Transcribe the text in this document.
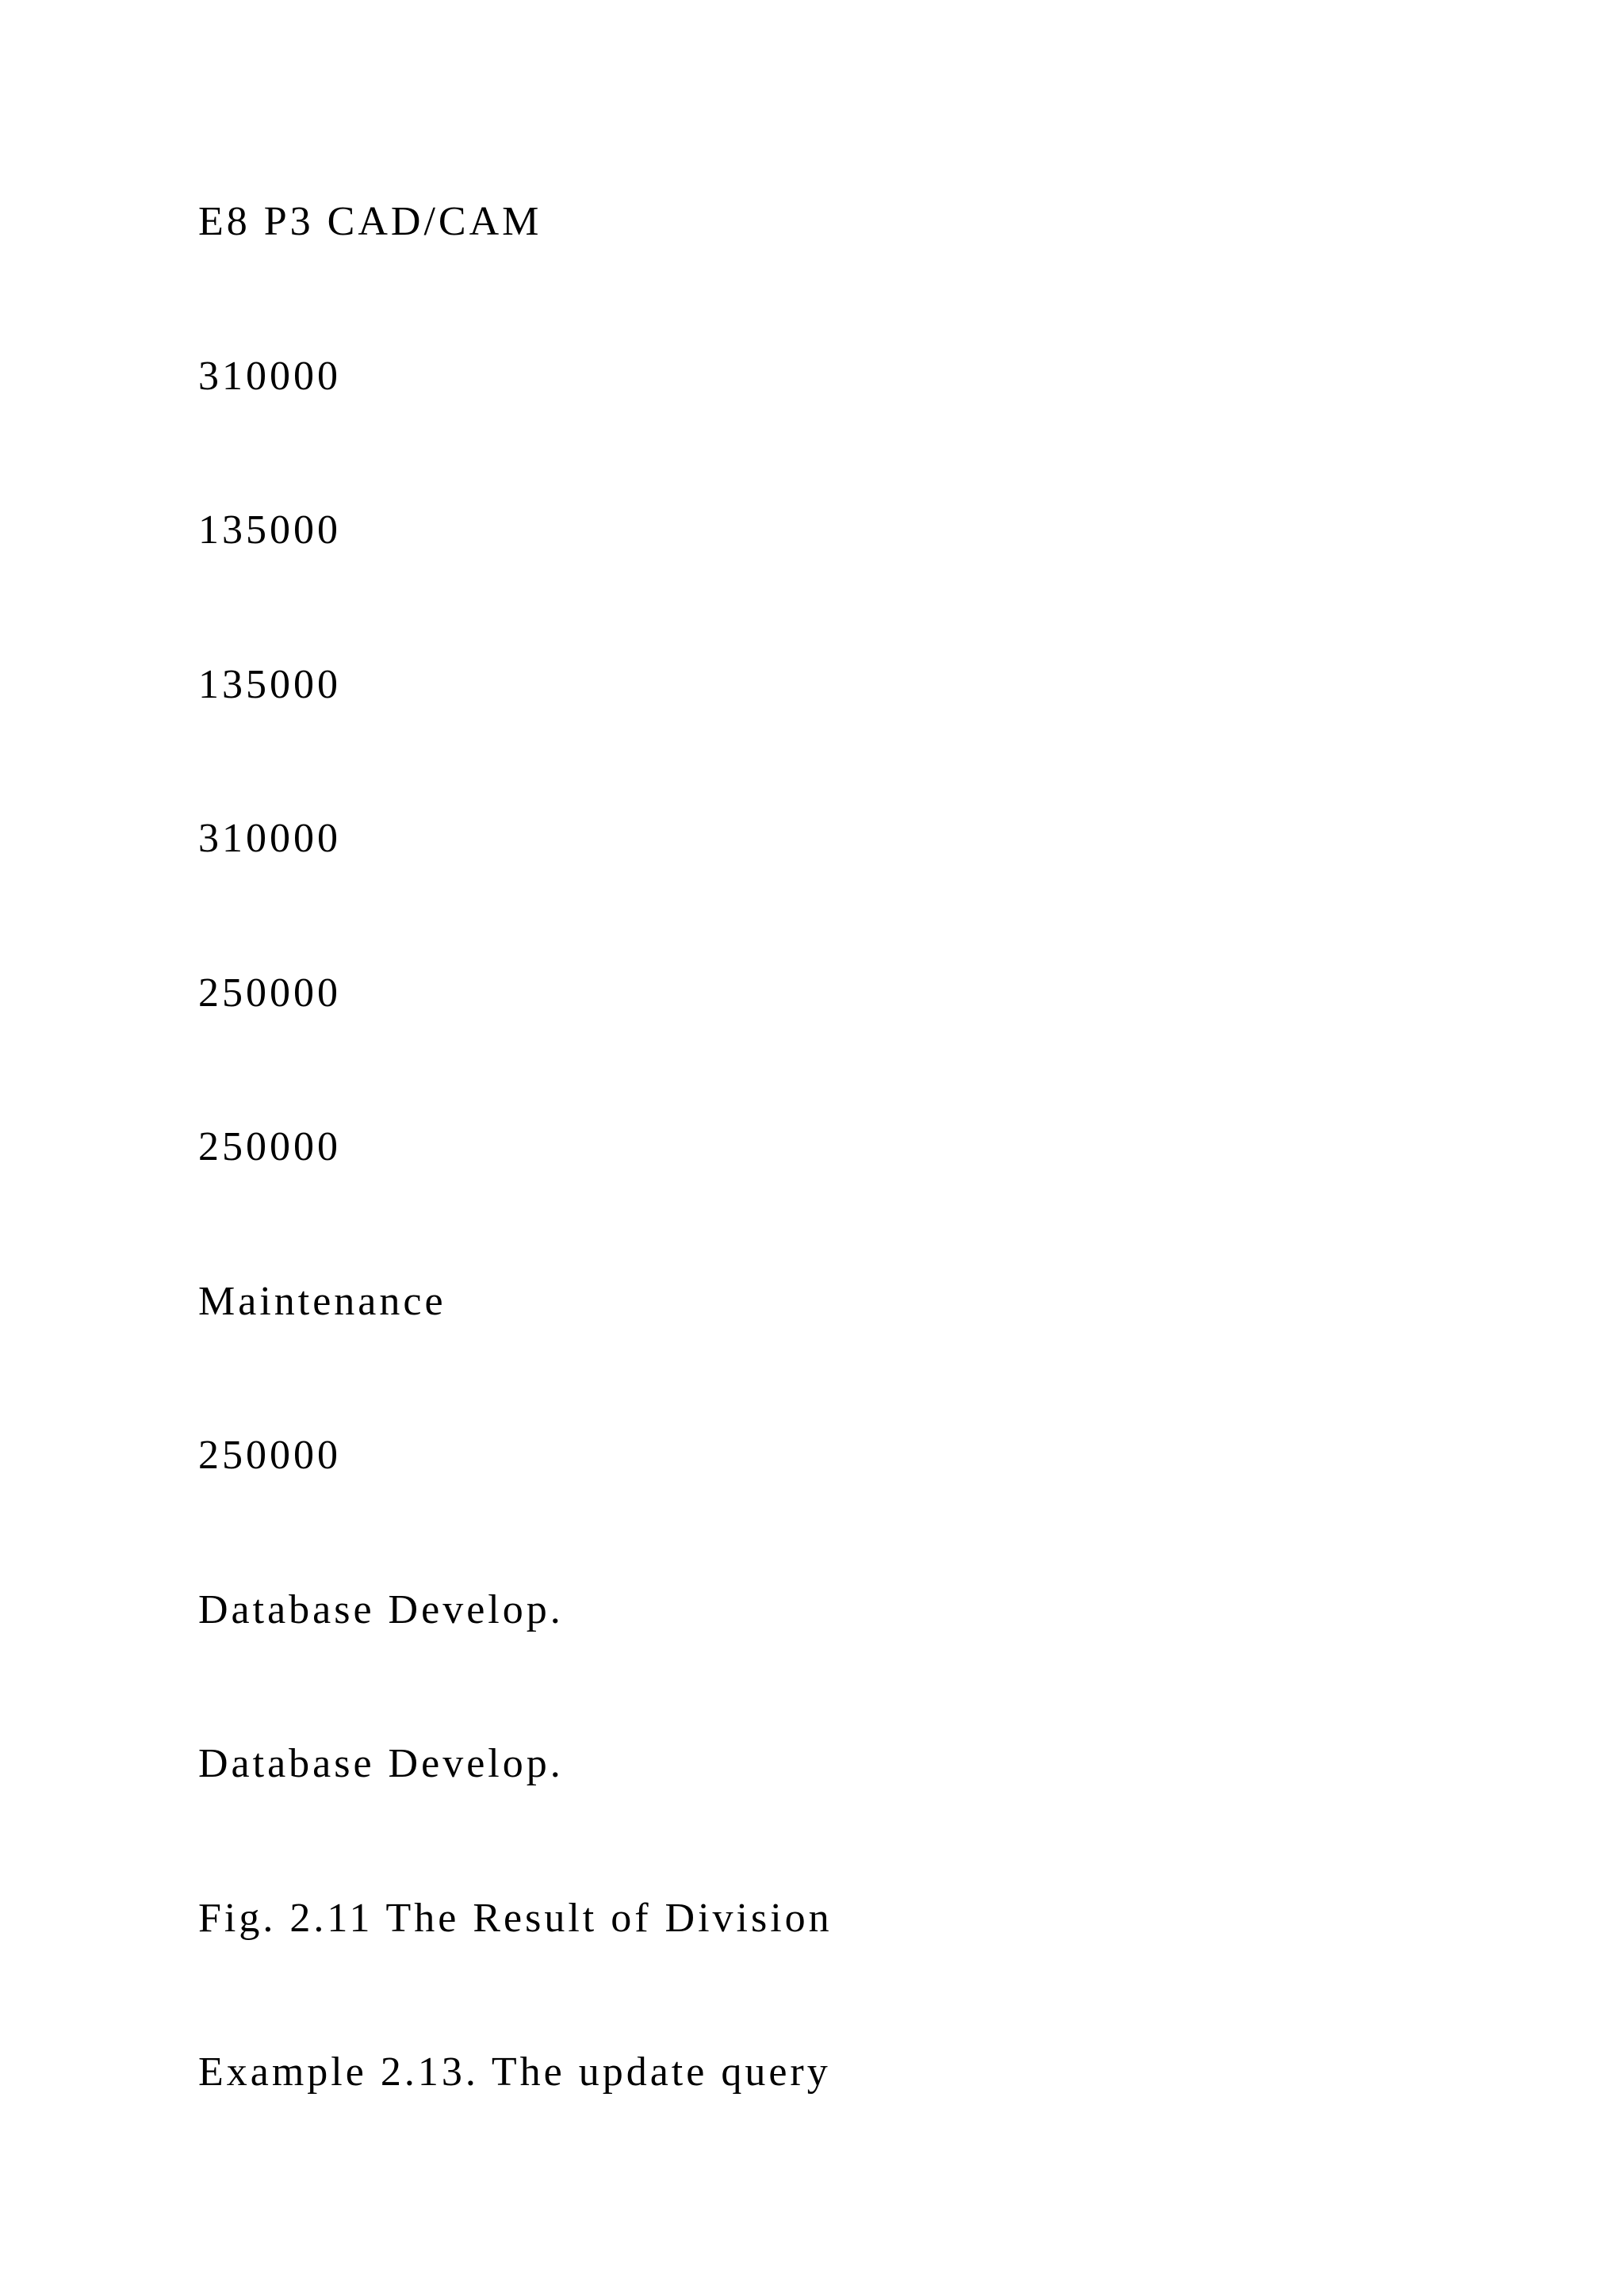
E8 P3 CAD/CAM

310000

135000

135000

310000

250000

250000

Maintenance

250000

Database Develop.

Database Develop.

Fig. 2.11 The Result of Division

Example 2.13. The update query
